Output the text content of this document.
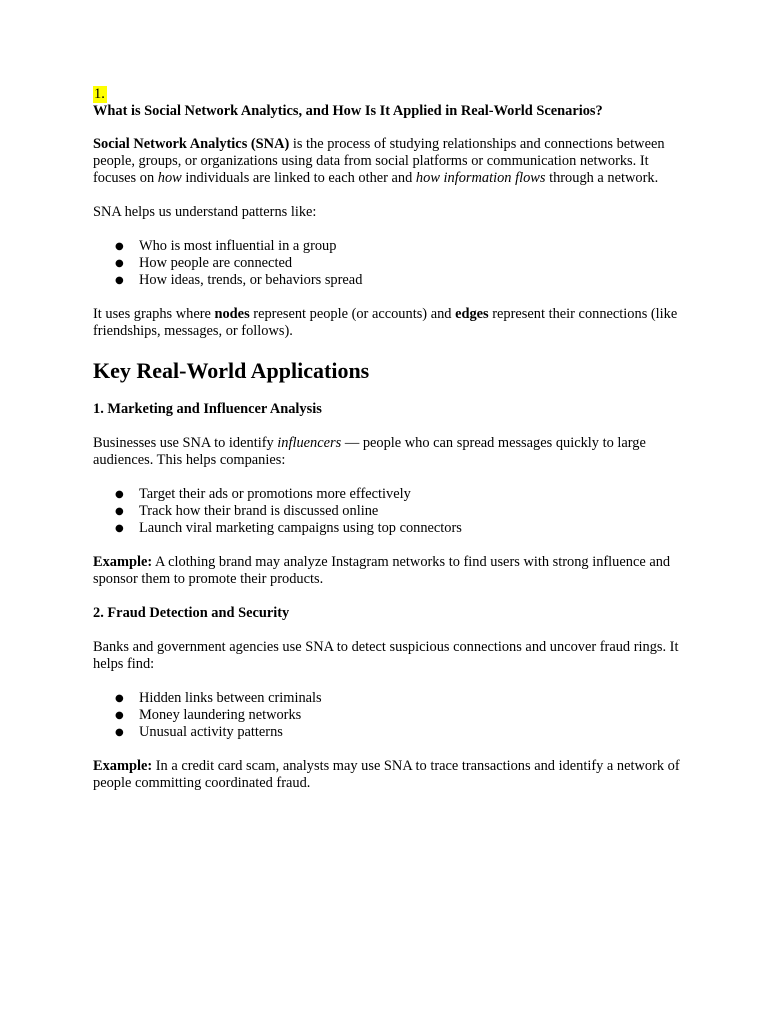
1.
What is Social Network Analytics, and How Is It Applied in Real-World Scenarios?

Social Network Analytics (SNA) is the process of studying relationships and connections between people, groups, or organizations using data from social platforms or communication networks. It focuses on how individuals are linked to each other and how information flows through a network.

SNA helps us understand patterns like:

● Who is most influential in a group
● How people are connected
● How ideas, trends, or behaviors spread

It uses graphs where nodes represent people (or accounts) and edges represent their connections (like friendships, messages, or follows).

Key Real-World Applications
1. Marketing and Influencer Analysis

Businesses use SNA to identify influencers — people who can spread messages quickly to large audiences. This helps companies:

● Target their ads or promotions more effectively
● Track how their brand is discussed online
● Launch viral marketing campaigns using top connectors

Example: A clothing brand may analyze Instagram networks to find users with strong influence and sponsor them to promote their products.

2. Fraud Detection and Security

Banks and government agencies use SNA to detect suspicious connections and uncover fraud rings. It helps find:

● Hidden links between criminals
● Money laundering networks
● Unusual activity patterns

Example: In a credit card scam, analysts may use SNA to trace transactions and identify a network of people committing coordinated fraud.
